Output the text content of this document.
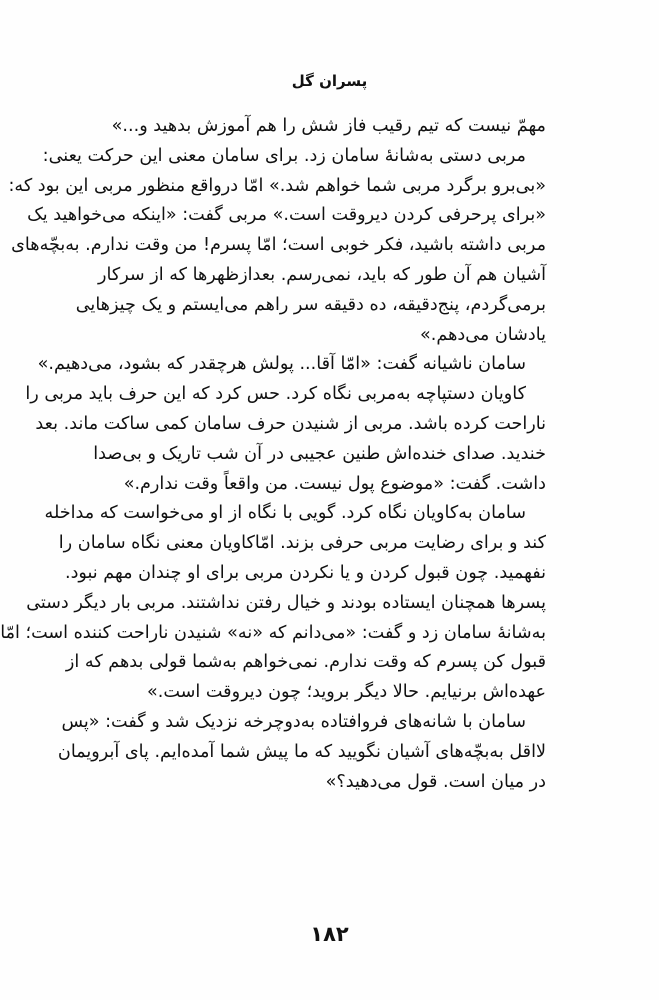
پسران گل
مهمّ نیست که تیم رقیب فاز شش را هم آموزش بدهید و...»
مربی دستی به‌شانهٔ سامان زد. برای سامان معنی این حرکت یعنی:
«بی‌برو برگرد مربی شما خواهم شد.» امّا درواقع منظور مربی این بود که:
«برای پرحرفی کردن دیروقت است.» مربی گفت: «اینکه می‌خواهید یک
مربی داشته باشید، فکر خوبی است؛ امّا پسرم! من وقت ندارم. به‌بچّه‌های
آشیان هم آن طور که باید، نمی‌رسم. بعدازظهرها که از سرکار
برمی‌گردم، پنج‌دقیقه، ده دقیقه سر راهم می‌ایستم و یک چیزهایی
یادشان می‌دهم.»
سامان ناشیانه گفت: «امّا آقا... پولش هرچقدر که بشود، می‌دهیم.»
کاویان دستپاچه به‌مربی نگاه کرد. حس کرد که این حرف باید مربی را
ناراحت کرده باشد. مربی از شنیدن حرف سامان کمی ساکت ماند. بعد
خندید. صدای خنده‌اش طنین عجیبی در آن شب تاریک و بی‌صدا
داشت. گفت: «موضوع پول نیست. من واقعاً وقت ندارم.»
سامان به‌کاویان نگاه کرد. گویی با نگاه از او می‌خواست که مداخله
کند و برای رضایت مربی حرفی بزند. امّاکاویان معنی نگاه سامان را
نفهمید. چون قبول کردن و یا نکردن مربی برای او چندان مهم نبود.
پسرها همچنان ایستاده بودند و خیال رفتن نداشتند. مربی بار دیگر دستی
به‌شانهٔ سامان زد و گفت: «می‌دانم که «نه» شنیدن ناراحت کننده است؛ امّا
قبول کن پسرم که وقت ندارم. نمی‌خواهم به‌شما قولی بدهم که از
عهده‌اش برنیایم. حالا دیگر بروید؛ چون دیروقت است.»
سامان با شانه‌های فروافتاده به‌دوچرخه نزدیک شد و گفت: «پس
لااقل به‌بچّه‌های آشیان نگویید که ما پیش شما آمده‌ایم. پای آبرویمان
در میان است. قول می‌دهید؟»
۱۸۲
